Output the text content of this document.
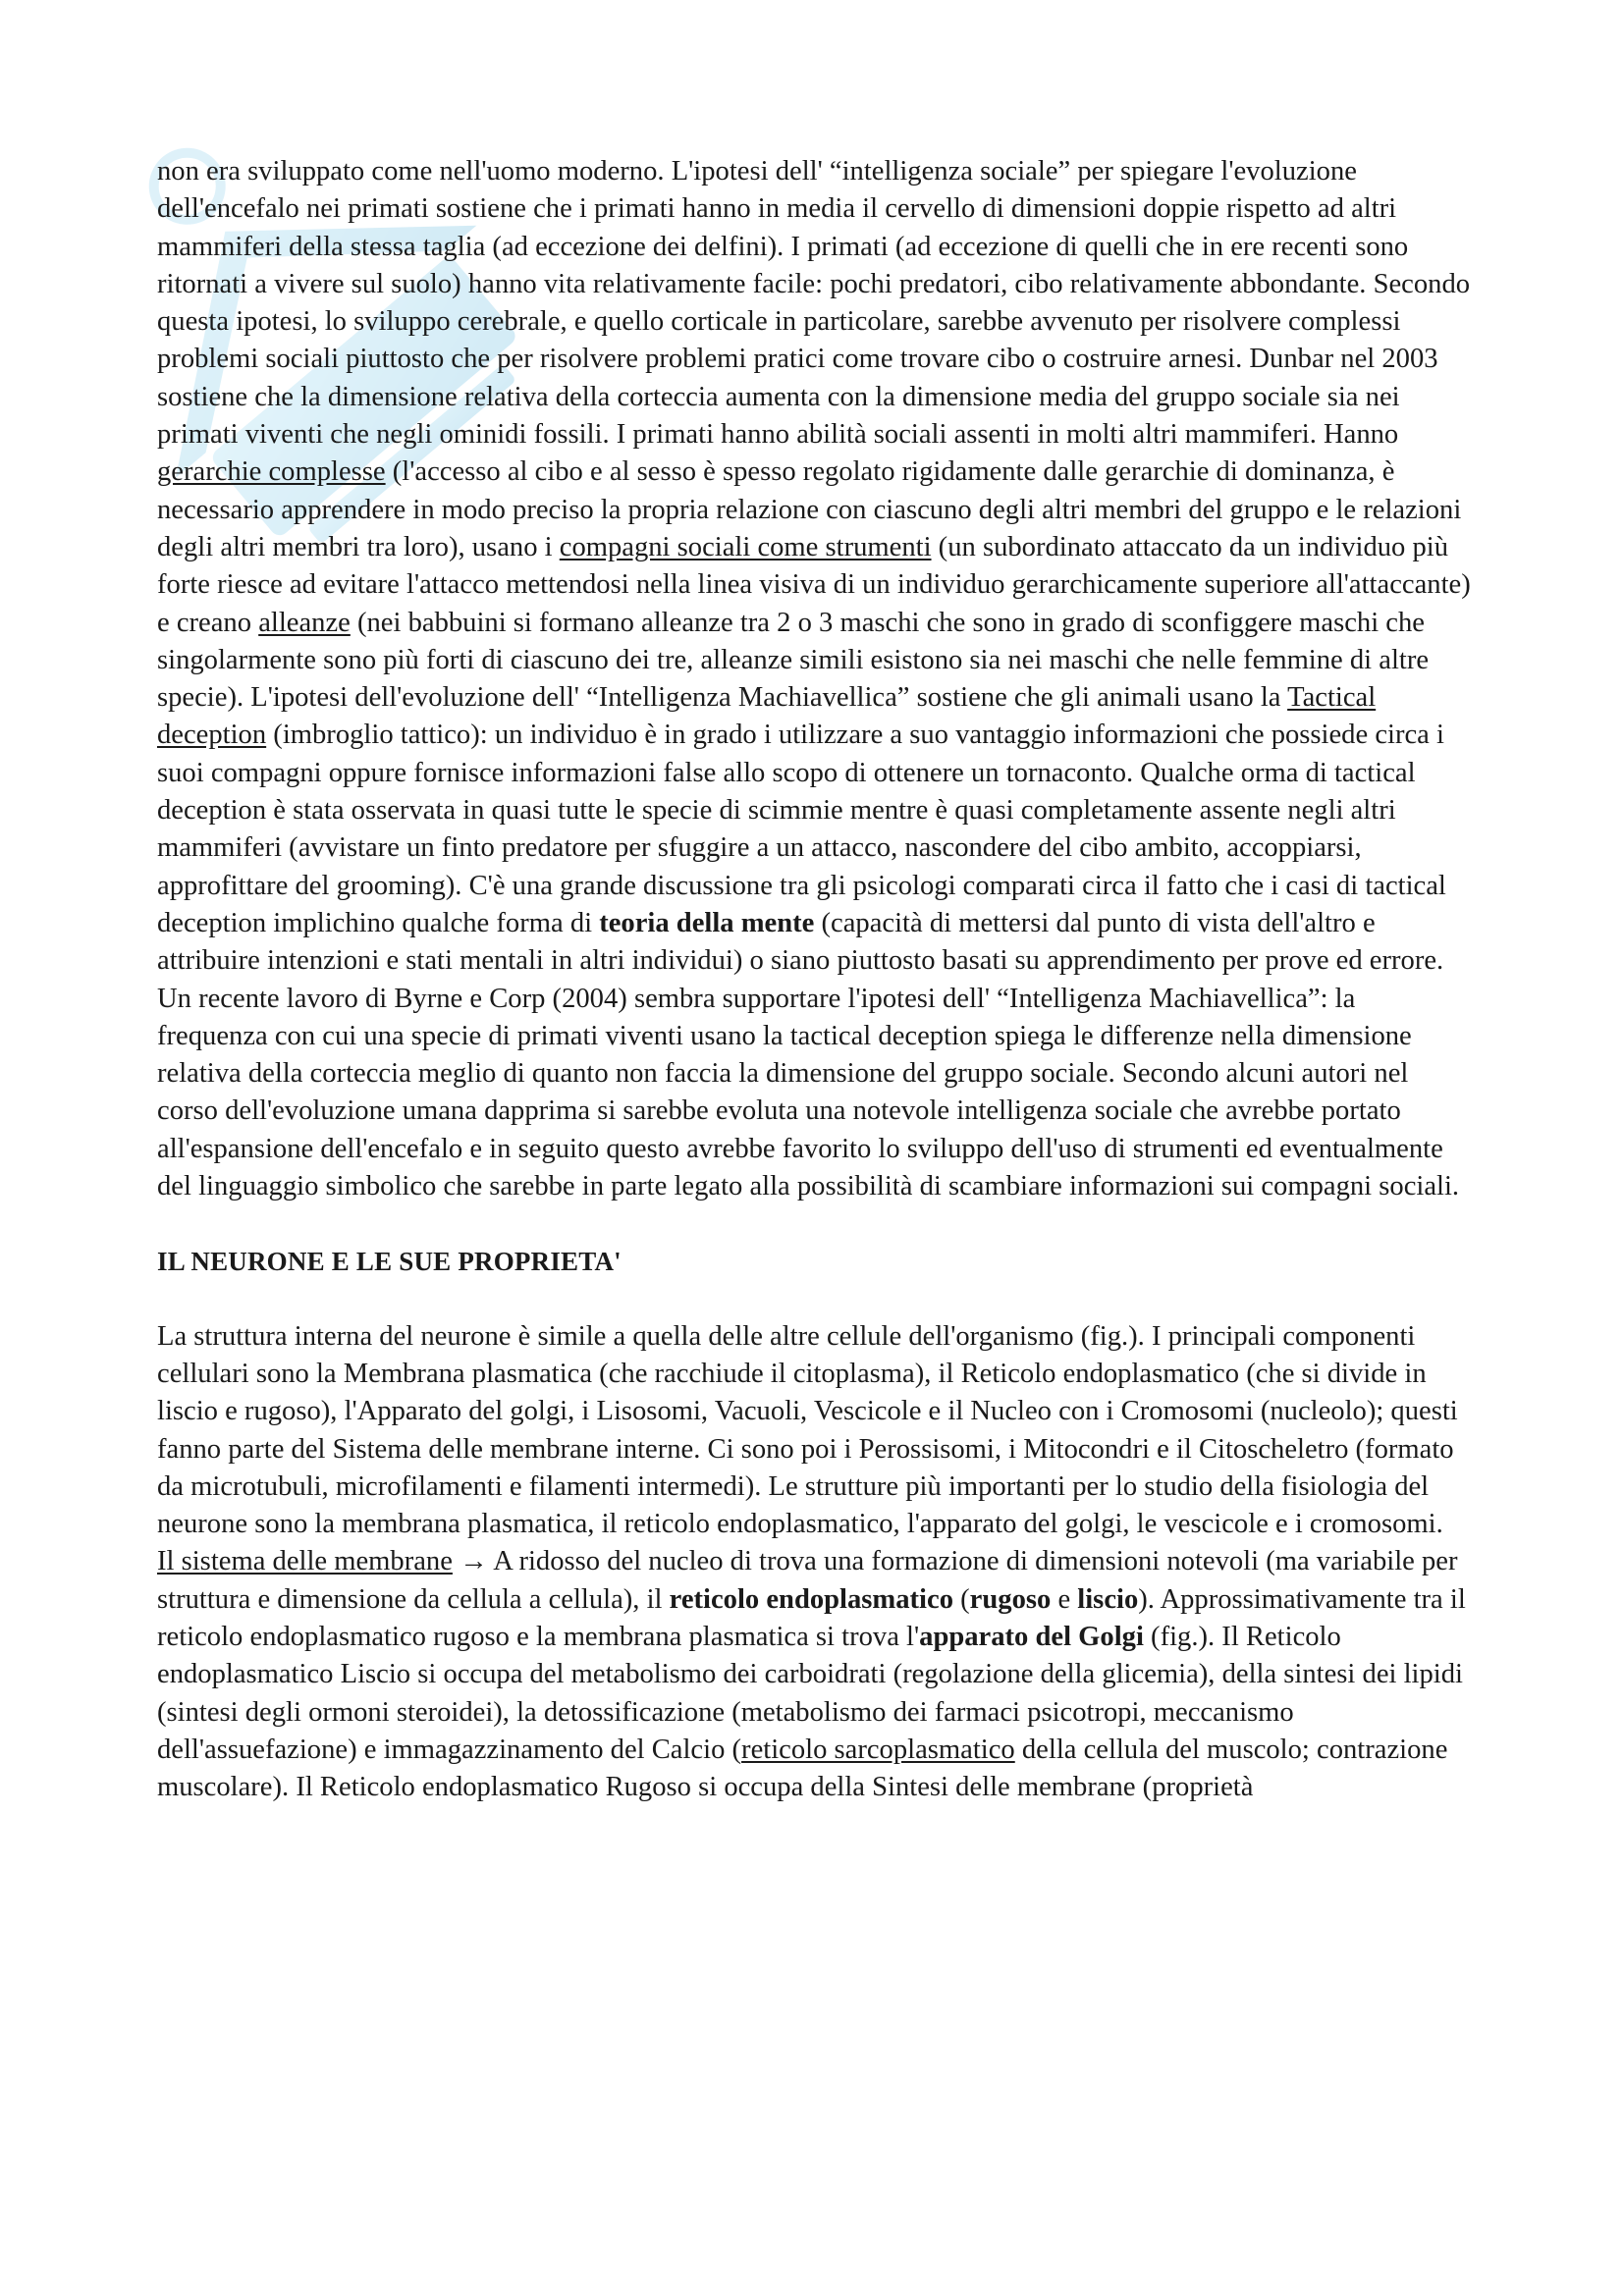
non era sviluppato come nell'uomo moderno. L'ipotesi dell' “intelligenza sociale” per spiegare l'evoluzione dell'encefalo nei primati sostiene che i primati hanno in media il cervello di dimensioni doppie rispetto ad altri mammiferi della stessa taglia (ad eccezione dei delfini). I primati (ad eccezione di quelli che in ere recenti sono ritornati a vivere sul suolo) hanno vita relativamente facile: pochi predatori, cibo relativamente abbondante. Secondo questa ipotesi, lo sviluppo cerebrale, e quello corticale in particolare, sarebbe avvenuto per risolvere complessi problemi sociali piuttosto che per risolvere problemi pratici come trovare cibo o costruire arnesi. Dunbar nel 2003 sostiene che la dimensione relativa della corteccia aumenta con la dimensione media del gruppo sociale sia nei primati viventi che negli ominidi fossili. I primati hanno abilità sociali assenti in molti altri mammiferi. Hanno gerarchie complesse (l'accesso al cibo e al sesso è spesso regolato rigidamente dalle gerarchie di dominanza, è necessario apprendere in modo preciso la propria relazione con ciascuno degli altri membri del gruppo e le relazioni degli altri membri tra loro), usano i compagni sociali come strumenti (un subordinato attaccato da un individuo più forte riesce ad evitare l'attacco mettendosi nella linea visiva di un individuo gerarchicamente superiore all'attaccante) e creano alleanze (nei babbuini si formano alleanze tra 2 o 3 maschi che sono in grado di sconfiggere maschi che singolarmente sono più forti di ciascuno dei tre, alleanze simili esistono sia nei maschi che nelle femmine di altre specie). L'ipotesi dell'evoluzione dell' “Intelligenza Machiavellica” sostiene che gli animali usano la Tactical deception (imbroglio tattico): un individuo è in grado i utilizzare a suo vantaggio informazioni che possiede circa i suoi compagni oppure fornisce informazioni false allo scopo di ottenere un tornaconto. Qualche orma di tactical deception è stata osservata in quasi tutte le specie di scimmie mentre è quasi completamente assente negli altri mammiferi (avvistare un finto predatore per sfuggire a un attacco, nascondere del cibo ambito, accoppiarsi, approfittare del grooming). C'è una grande discussione tra gli psicologi comparati circa il fatto che i casi di tactical deception implichino qualche forma di teoria della mente (capacità di mettersi dal punto di vista dell'altro e attribuire intenzioni e stati mentali in altri individui) o siano piuttosto basati su apprendimento per prove ed errore. Un recente lavoro di Byrne e Corp (2004) sembra supportare l'ipotesi dell' “Intelligenza Machiavellica”: la frequenza con cui una specie di primati viventi usano la tactical deception spiega le differenze nella dimensione relativa della corteccia meglio di quanto non faccia la dimensione del gruppo sociale. Secondo alcuni autori nel corso dell'evoluzione umana dapprima si sarebbe evoluta una notevole intelligenza sociale che avrebbe portato all'espansione dell'encefalo e in seguito questo avrebbe favorito lo sviluppo dell'uso di strumenti ed eventualmente del linguaggio simbolico che sarebbe in parte legato alla possibilità di scambiare informazioni sui compagni sociali.

IL NEURONE E LE SUE PROPRIETA'

La struttura interna del neurone è simile a quella delle altre cellule dell'organismo (fig.). I principali componenti cellulari sono la Membrana plasmatica (che racchiude il citoplasma), il Reticolo endoplasmatico (che si divide in liscio e rugoso), l'Apparato del golgi, i Lisosomi, Vacuoli, Vescicole e il Nucleo con i Cromosomi (nucleolo); questi fanno parte del Sistema delle membrane interne. Ci sono poi i Perossisomi, i Mitocondri e il Citoscheletro (formato da microtubuli, microfilamenti e filamenti intermedi). Le strutture più importanti per lo studio della fisiologia del neurone sono la membrana plasmatica, il reticolo endoplasmatico, l'apparato del golgi, le vescicole e i cromosomi.

Il sistema delle membrane → A ridosso del nucleo di trova una formazione di dimensioni notevoli (ma variabile per struttura e dimensione da cellula a cellula), il reticolo endoplasmatico (rugoso e liscio). Approssimativamente tra il reticolo endoplasmatico rugoso e la membrana plasmatica si trova l'apparato del Golgi (fig.). Il Reticolo endoplasmatico Liscio si occupa del metabolismo dei carboidrati (regolazione della glicemia), della sintesi dei lipidi (sintesi degli ormoni steroidei), la detossificazione (metabolismo dei farmaci psicotropi, meccanismo dell'assuefazione) e immagazzinamento del Calcio (reticolo sarcoplasmatico della cellula del muscolo; contrazione muscolare). Il Reticolo endoplasmatico Rugoso si occupa della Sintesi delle membrane (proprietà
